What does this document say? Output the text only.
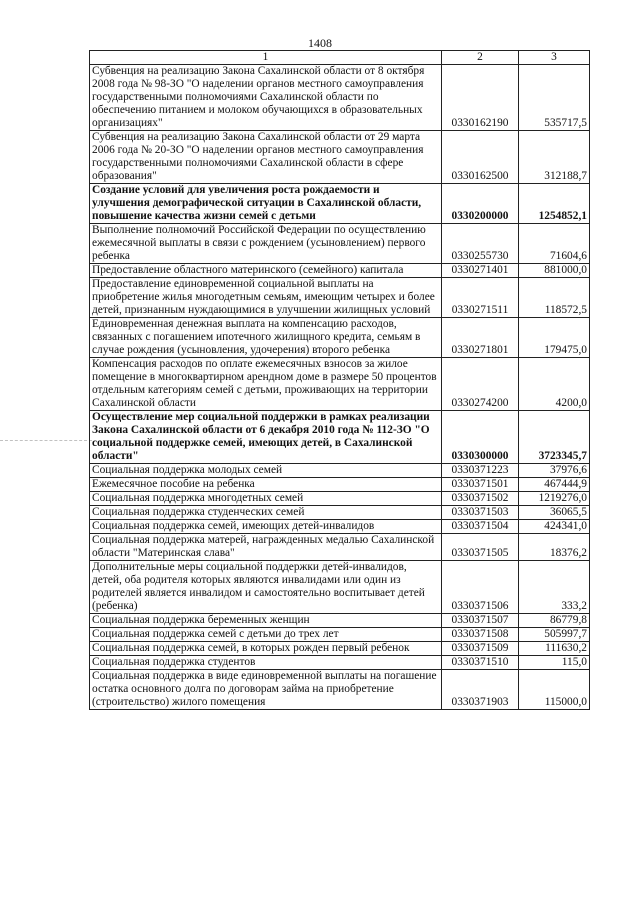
1408
1	2	3
Субвенция на реализацию Закона Сахалинской области от 8 октября 2008 года № 98-ЗО "О наделении органов местного самоуправления государственными полномочиями Сахалинской области по обеспечению питанием и молоком обучающихся в образовательных организациях"	0330162190	535717,5
Субвенция на реализацию Закона Сахалинской области от 29 марта 2006 года № 20-ЗО "О наделении органов местного самоуправления государственными полномочиями Сахалинской области в сфере образования"	0330162500	312188,7
Создание условий для увеличения роста рождаемости и улучшения демографической ситуации в Сахалинской области, повышение качества жизни семей с детьми	0330200000	1254852,1
Выполнение полномочий Российской Федерации по осуществлению ежемесячной выплаты в связи с рождением (усыновлением) первого ребенка	0330255730	71604,6
Предоставление областного материнского (семейного) капитала	0330271401	881000,0
Предоставление единовременной социальной выплаты на приобретение жилья многодетным семьям, имеющим четырех и более детей, признанным нуждающимися в улучшении жилищных условий	0330271511	118572,5
Единовременная денежная выплата на компенсацию расходов, связанных с погашением ипотечного жилищного кредита, семьям в случае рождения (усыновления, удочерения) второго ребенка	0330271801	179475,0
Компенсация расходов по оплате ежемесячных взносов за жилое помещение в многоквартирном арендном доме в размере 50 процентов отдельным категориям семей с детьми, проживающих на территории Сахалинской области	0330274200	4200,0
Осуществление мер социальной поддержки в рамках реализации Закона Сахалинской области от 6 декабря 2010 года № 112-ЗО "О социальной поддержке семей, имеющих детей, в Сахалинской области"	0330300000	3723345,7
Социальная поддержка молодых семей	0330371223	37976,6
Ежемесячное пособие на ребенка	0330371501	467444,9
Социальная поддержка многодетных семей	0330371502	1219276,0
Социальная поддержка студенческих семей	0330371503	36065,5
Социальная поддержка семей, имеющих детей-инвалидов	0330371504	424341,0
Социальная поддержка матерей, награжденных медалью Сахалинской области "Материнская слава"	0330371505	18376,2
Дополнительные меры социальной поддержки детей-инвалидов, детей, оба родителя которых являются инвалидами или один из родителей является инвалидом и самостоятельно воспитывает детей (ребенка)	0330371506	333,2
Социальная поддержка беременных женщин	0330371507	86779,8
Социальная поддержка семей с детьми до трех лет	0330371508	505997,7
Социальная поддержка семей, в которых рожден первый ребенок	0330371509	111630,2
Социальная поддержка студентов	0330371510	115,0
Социальная поддержка в виде единовременной выплаты на погашение остатка основного долга по договорам займа на приобретение (строительство) жилого помещения	0330371903	115000,0
